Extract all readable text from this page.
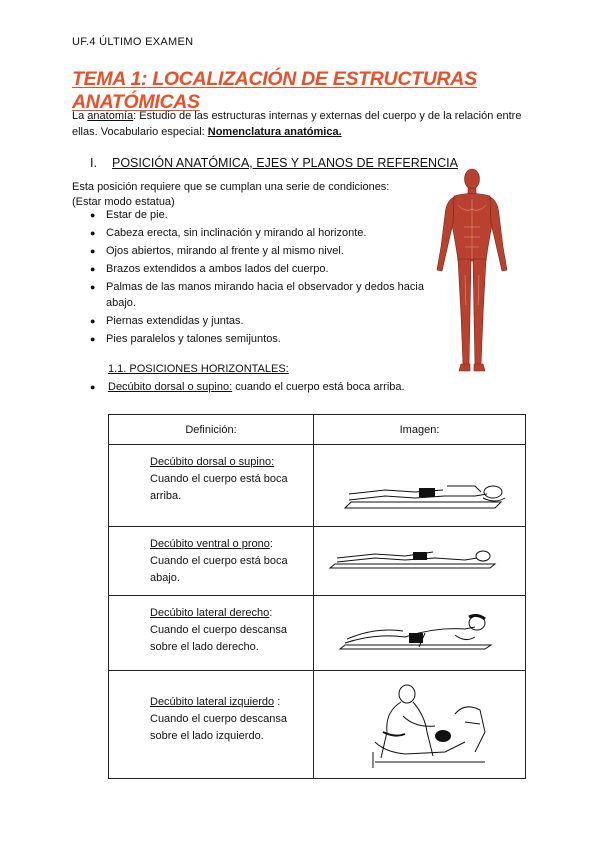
UF.4 ÚLTIMO EXAMEN
TEMA 1: LOCALIZACIÓN DE ESTRUCTURAS ANATÓMICAS
La anatomía: Estudio de las estructuras internas y externas del cuerpo y de la relación entre ellas. Vocabulario especial: Nomenclatura anatómica.
I. POSICIÓN ANATÓMICA, EJES Y PLANOS DE REFERENCIA
Esta posición requiere que se cumplan una serie de condiciones:
(Estar modo estatua)
● Estar de pie.
● Cabeza erecta, sin inclinación y mirando al horizonte.
● Ojos abiertos, mirando al frente y al mismo nivel.
● Brazos extendidos a ambos lados del cuerpo.
● Palmas de las manos mirando hacia el observador y dedos hacia abajo.
● Piernas extendidas y juntas.
● Pies paralelos y talones semijuntos.
1.1. POSICIONES HORIZONTALES:
● Decúbito dorsal o supino: cuando el cuerpo está boca arriba.
Definición:	Imagen:

Decúbito dorsal o supino:
Cuando el cuerpo está boca arriba.

Decúbito ventral o prono:
Cuando el cuerpo está boca abajo.

Decúbito lateral derecho:
Cuando el cuerpo descansa sobre el lado derecho.

Decúbito lateral izquierdo :
Cuando el cuerpo descansa sobre el lado izquierdo.
